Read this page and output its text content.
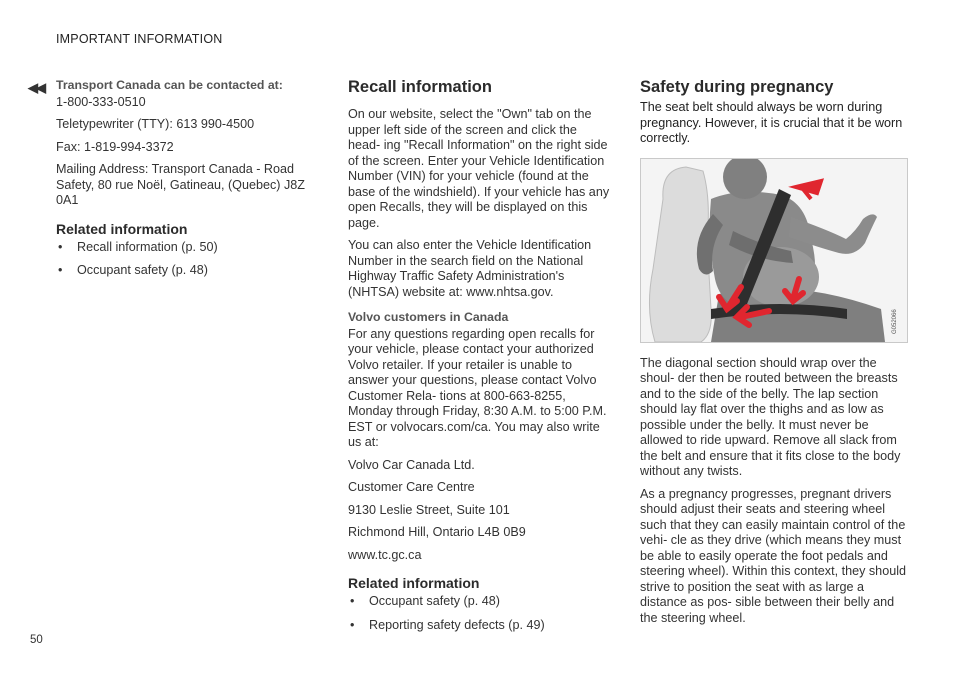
IMPORTANT INFORMATION
◀◀ Transport Canada can be contacted at:

1-800-333-0510

Teletypewriter (TTY): 613 990-4500

Fax: 1-819-994-3372

Mailing Address: Transport Canada - Road Safety, 80 rue Noël, Gatineau, (Quebec) J8Z 0A1

Related information
• Recall information (p. 50)
• Occupant safety (p. 48)
Recall information

On our website, select the "Own" tab on the upper left side of the screen and click the head- ing "Recall Information" on the right side of the screen. Enter your Vehicle Identification Number (VIN) for your vehicle (found at the base of the windshield). If your vehicle has any open Recalls, they will be displayed on this page.

You can also enter the Vehicle Identification Number in the search field on the National Highway Traffic Safety Administration's (NHTSA) website at: www.nhtsa.gov.

Volvo customers in Canada

For any questions regarding open recalls for your vehicle, please contact your authorized Volvo retailer. If your retailer is unable to answer your questions, please contact Volvo Customer Rela- tions at 800-663-8255, Monday through Friday, 8:30 A.M. to 5:00 P.M. EST or volvocars.com/ca. You may also write us at:

Volvo Car Canada Ltd.

Customer Care Centre

9130 Leslie Street, Suite 101

Richmond Hill, Ontario L4B 0B9

www.tc.gc.ca

Related information
• Occupant safety (p. 48)
• Reporting safety defects (p. 49)
Safety during pregnancy

The seat belt should always be worn during pregnancy. However, it is crucial that it be worn correctly.

G052066

The diagonal section should wrap over the shoul- der then be routed between the breasts and to the side of the belly. The lap section should lay flat over the thighs and as low as possible under the belly. It must never be allowed to ride upward. Remove all slack from the belt and ensure that it fits close to the body without any twists.

As a pregnancy progresses, pregnant drivers should adjust their seats and steering wheel such that they can easily maintain control of the vehi- cle as they drive (which means they must be able to easily operate the foot pedals and steering wheel). Within this context, they should strive to position the seat with as large a distance as pos- sible between their belly and the steering wheel.

50
